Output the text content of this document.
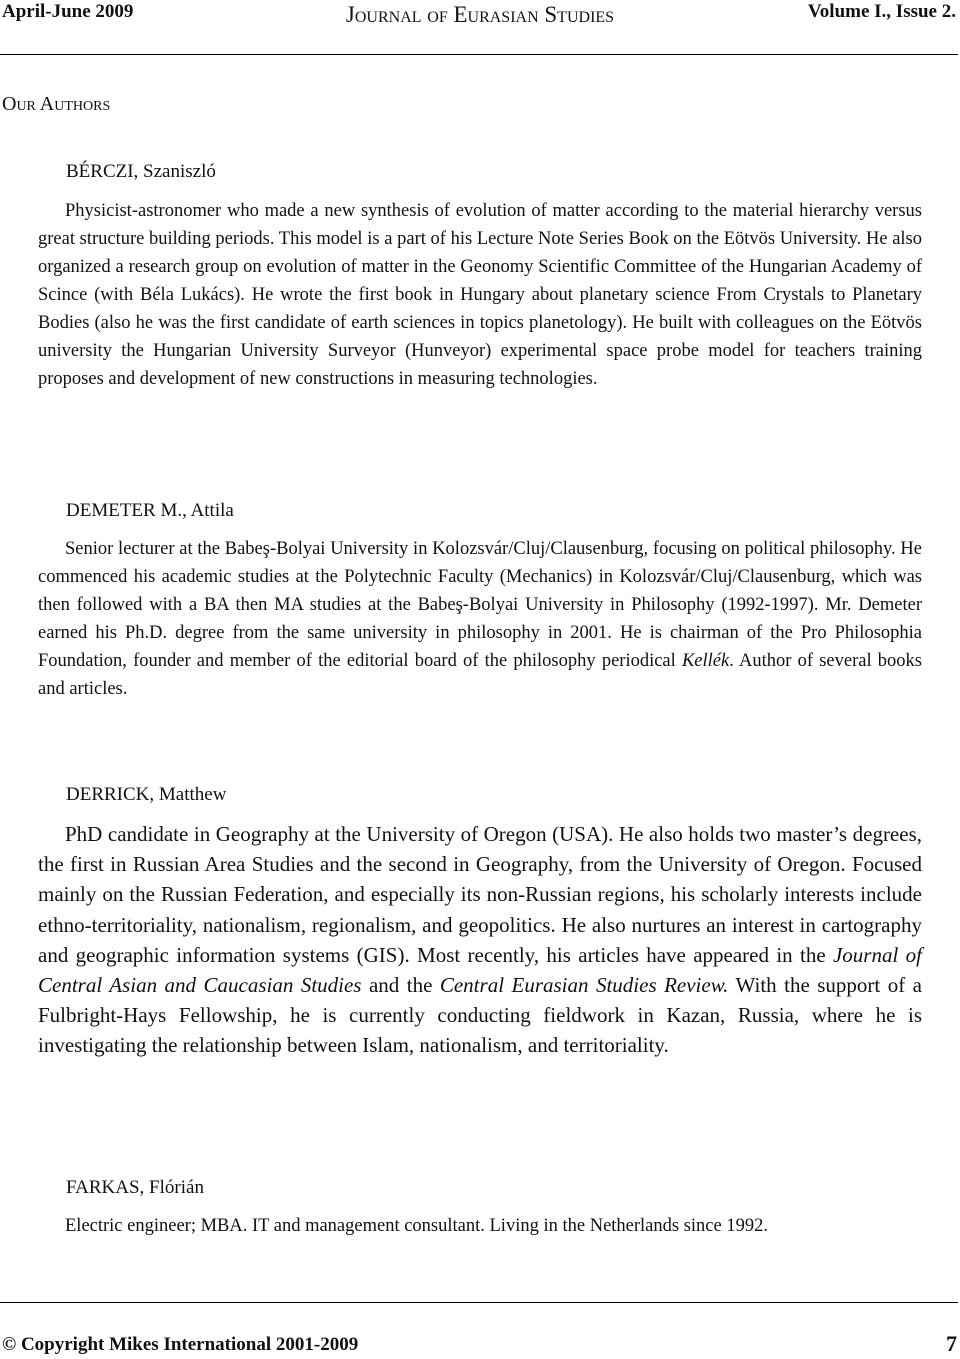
April-June 2009	Journal of Eurasian Studies	Volume I., Issue 2.
Our Authors
BÉRCZI, Szaniszló

Physicist-astronomer who made a new synthesis of evolution of matter according to the material hierarchy versus great structure building periods. This model is a part of his Lecture Note Series Book on the Eötvös University. He also organized a research group on evolution of matter in the Geonomy Scientific Committee of the Hungarian Academy of Scince (with Béla Lukács). He wrote the first book in Hungary about planetary science From Crystals to Planetary Bodies (also he was the first candidate of earth sciences in topics planetology). He built with colleagues on the Eötvös university the Hungarian University Surveyor (Hunveyor) experimental space probe model for teachers training proposes and development of new constructions in measuring technologies.

DEMETER M., Attila

Senior lecturer at the Babeş-Bolyai University in Kolozsvár/Cluj/Clausenburg, focusing on political philosophy. He commenced his academic studies at the Polytechnic Faculty (Mechanics) in Kolozsvár/Cluj/Clausenburg, which was then followed with a BA then MA studies at the Babeş-Bolyai University in Philosophy (1992-1997). Mr. Demeter earned his Ph.D. degree from the same university in philosophy in 2001. He is chairman of the Pro Philosophia Foundation, founder and member of the editorial board of the philosophy periodical Kellék. Author of several books and articles.

DERRICK, Matthew

PhD candidate in Geography at the University of Oregon (USA). He also holds two master’s degrees, the first in Russian Area Studies and the second in Geography, from the University of Oregon. Focused mainly on the Russian Federation, and especially its non-Russian regions, his scholarly interests include ethno-territoriality, nationalism, regionalism, and geopolitics. He also nurtures an interest in cartography and geographic information systems (GIS). Most recently, his articles have appeared in the Journal of Central Asian and Caucasian Studies and the Central Eurasian Studies Review. With the support of a Fulbright-Hays Fellowship, he is currently conducting fieldwork in Kazan, Russia, where he is investigating the relationship between Islam, nationalism, and territoriality.

FARKAS, Flórián

Electric engineer; MBA. IT and management consultant. Living in the Netherlands since 1992.

© Copyright Mikes International 2001-2009	7
